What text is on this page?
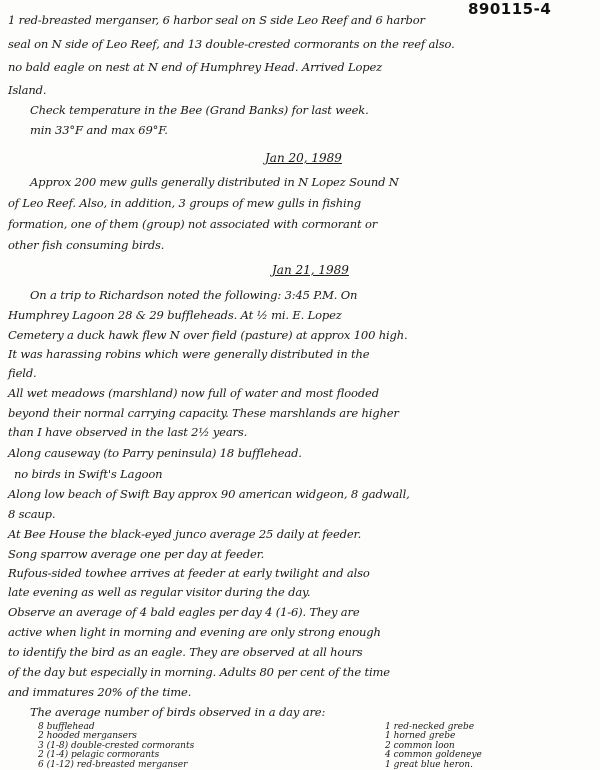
890115-4
1 red-breasted merganser, 6 harbor seal on S side Leo Reef and 6 harbor
seal on N side of Leo Reef, and 13 double-crested cormorants on the reef also.
no bald eagle on nest at N end of Humphrey Head. Arrived Lopez
Island.
Check temperature in the Bee (Grand Banks) for last week.
min 33°F and max 69°F.
Jan 20, 1989
Approx 200 mew gulls generally distributed in N Lopez Sound N
of Leo Reef. Also, in addition, 3 groups of mew gulls in fishing
formation, one of them (group) not associated with cormorant or
other fish consuming birds.
Jan 21, 1989
On a trip to Richardson noted the following: 3:45 P.M. On
Humphrey Lagoon 28 & 29 buffleheads. At ½ mi. E. Lopez
Cemetery a duck hawk flew N over field (pasture) at approx 100 high.
It was harassing robins which were generally distributed in the
field.
All wet meadows (marshland) now full of water and most flooded
beyond their normal carrying capacity. These marshlands are higher
than I have observed in the last 2½ years.
Along causeway (to Parry peninsula) 18 bufflehead.
no birds in Swift's Lagoon
Along low beach of Swift Bay approx 90 american widgeon, 8 gadwall,
8 scaup.
At Bee House the black-eyed junco average 25 daily at feeder.
Song sparrow average one per day at feeder.
Rufous-sided towhee arrives at feeder at early twilight and also
late evening as well as regular visitor during the day.
Observe an average of 4 bald eagles per day 4 (1-6). They are
active when light in morning and evening are only strong enough
to identify the bird as an eagle. They are observed at all hours
of the day but especially in morning. Adults 80 per cent of the time
and immatures 20% of the time.
The average number of birds observed in a day are:
8 bufflehead	1 red-necked grebe
2 hooded mergansers	1 horned grebe
3 (1-8) double-crested cormorants	2 common loon
2 (1-4) pelagic cormorants	4 common goldeneye
6 (1-12) red-breasted merganser	1 great blue heron.
